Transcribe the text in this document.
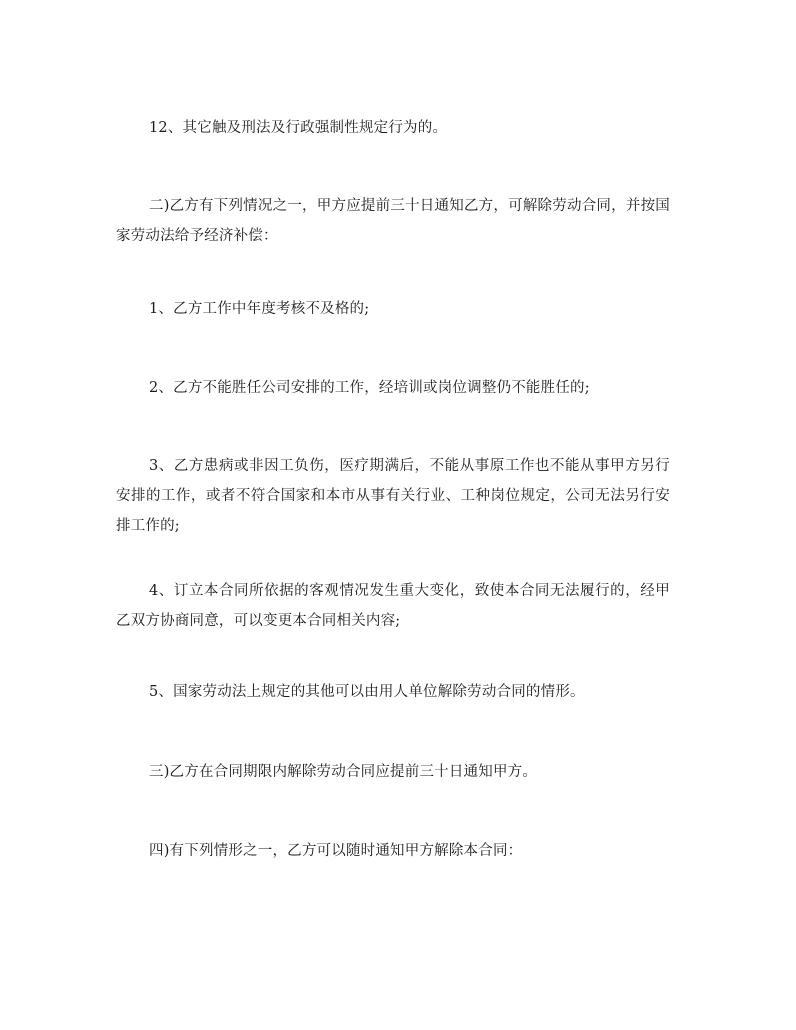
12、其它触及刑法及行政强制性规定行为的。

二)乙方有下列情况之一，甲方应提前三十日通知乙方，可解除劳动合同，并按国家劳动法给予经济补偿：

1、乙方工作中年度考核不及格的;

2、乙方不能胜任公司安排的工作，经培训或岗位调整仍不能胜任的;

3、乙方患病或非因工负伤，医疗期满后，不能从事原工作也不能从事甲方另行安排的工作，或者不符合国家和本市从事有关行业、工种岗位规定，公司无法另行安排工作的;

4、订立本合同所依据的客观情况发生重大变化，致使本合同无法履行的，经甲乙双方协商同意，可以变更本合同相关内容;

5、国家劳动法上规定的其他可以由用人单位解除劳动合同的情形。

三)乙方在合同期限内解除劳动合同应提前三十日通知甲方。

四)有下列情形之一，乙方可以随时通知甲方解除本合同：
